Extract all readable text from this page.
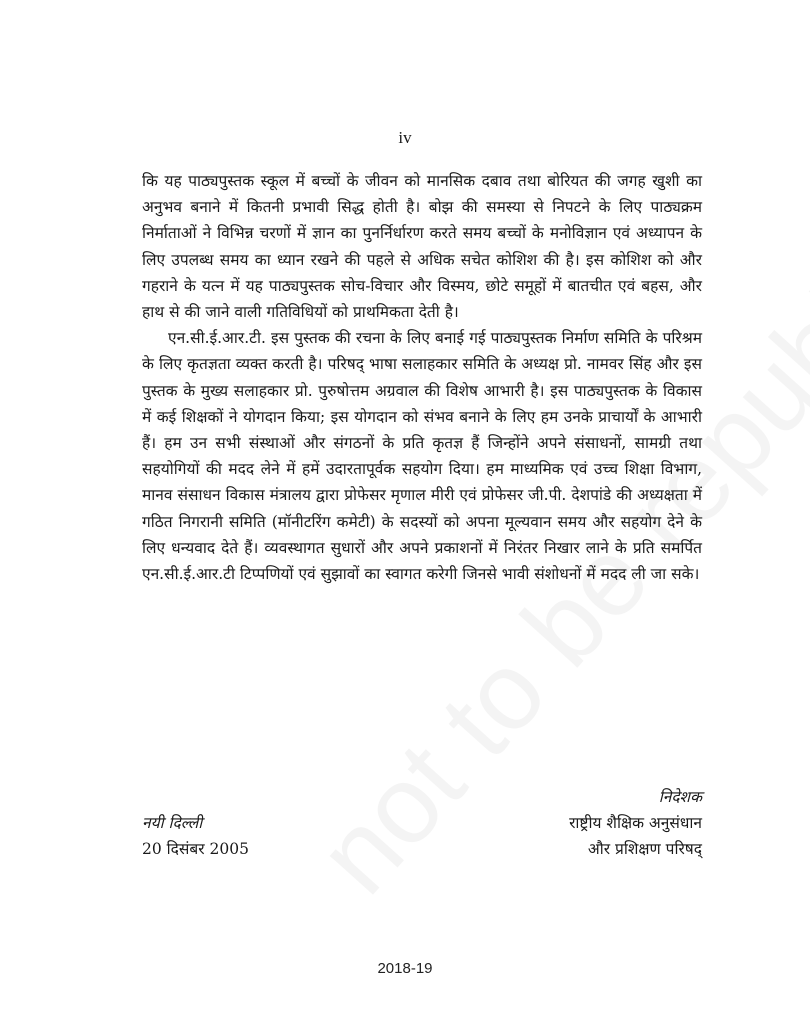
iv

कि यह पाठ्यपुस्तक स्कूल में बच्चों के जीवन को मानसिक दबाव तथा बोरियत की जगह खुशी का अनुभव बनाने में कितनी प्रभावी सिद्ध होती है। बोझ की समस्या से निपटने के लिए पाठ्यक्रम निर्माताओं ने विभिन्न चरणों में ज्ञान का पुनर्निर्धारण करते समय बच्चों के मनोविज्ञान एवं अध्यापन के लिए उपलब्ध समय का ध्यान रखने की पहले से अधिक सचेत कोशिश की है। इस कोशिश को और गहराने के यत्न में यह पाठ्यपुस्तक सोच-विचार और विस्मय, छोटे समूहों में बातचीत एवं बहस, और हाथ से की जाने वाली गतिविधियों को प्राथमिकता देती है।

एन.सी.ई.आर.टी. इस पुस्तक की रचना के लिए बनाई गई पाठ्यपुस्तक निर्माण समिति के परिश्रम के लिए कृतज्ञता व्यक्त करती है। परिषद् भाषा सलाहकार समिति के अध्यक्ष प्रो. नामवर सिंह और इस पुस्तक के मुख्य सलाहकार प्रो. पुरुषोत्तम अग्रवाल की विशेष आभारी है। इस पाठ्यपुस्तक के विकास में कई शिक्षकों ने योगदान किया; इस योगदान को संभव बनाने के लिए हम उनके प्राचार्यों के आभारी हैं। हम उन सभी संस्थाओं और संगठनों के प्रति कृतज्ञ हैं जिन्होंने अपने संसाधनों, सामग्री तथा सहयोगियों की मदद लेने में हमें उदारतापूर्वक सहयोग दिया। हम माध्यमिक एवं उच्च शिक्षा विभाग, मानव संसाधन विकास मंत्रालय द्वारा प्रोफेसर मृणाल मीरी एवं प्रोफेसर जी.पी. देशपांडे की अध्यक्षता में गठित निगरानी समिति (मॉनीटरिंग कमेटी) के सदस्यों को अपना मूल्यवान समय और सहयोग देने के लिए धन्यवाद देते हैं। व्यवस्थागत सुधारों और अपने प्रकाशनों में निरंतर निखार लाने के प्रति समर्पित एन.सी.ई.आर.टी टिप्पणियों एवं सुझावों का स्वागत करेगी जिनसे भावी संशोधनों में मदद ली जा सके।

निदेशक
राष्ट्रीय शैक्षिक अनुसंधान
और प्रशिक्षण परिषद्
नयी दिल्ली
20 दिसंबर 2005
2018-19
